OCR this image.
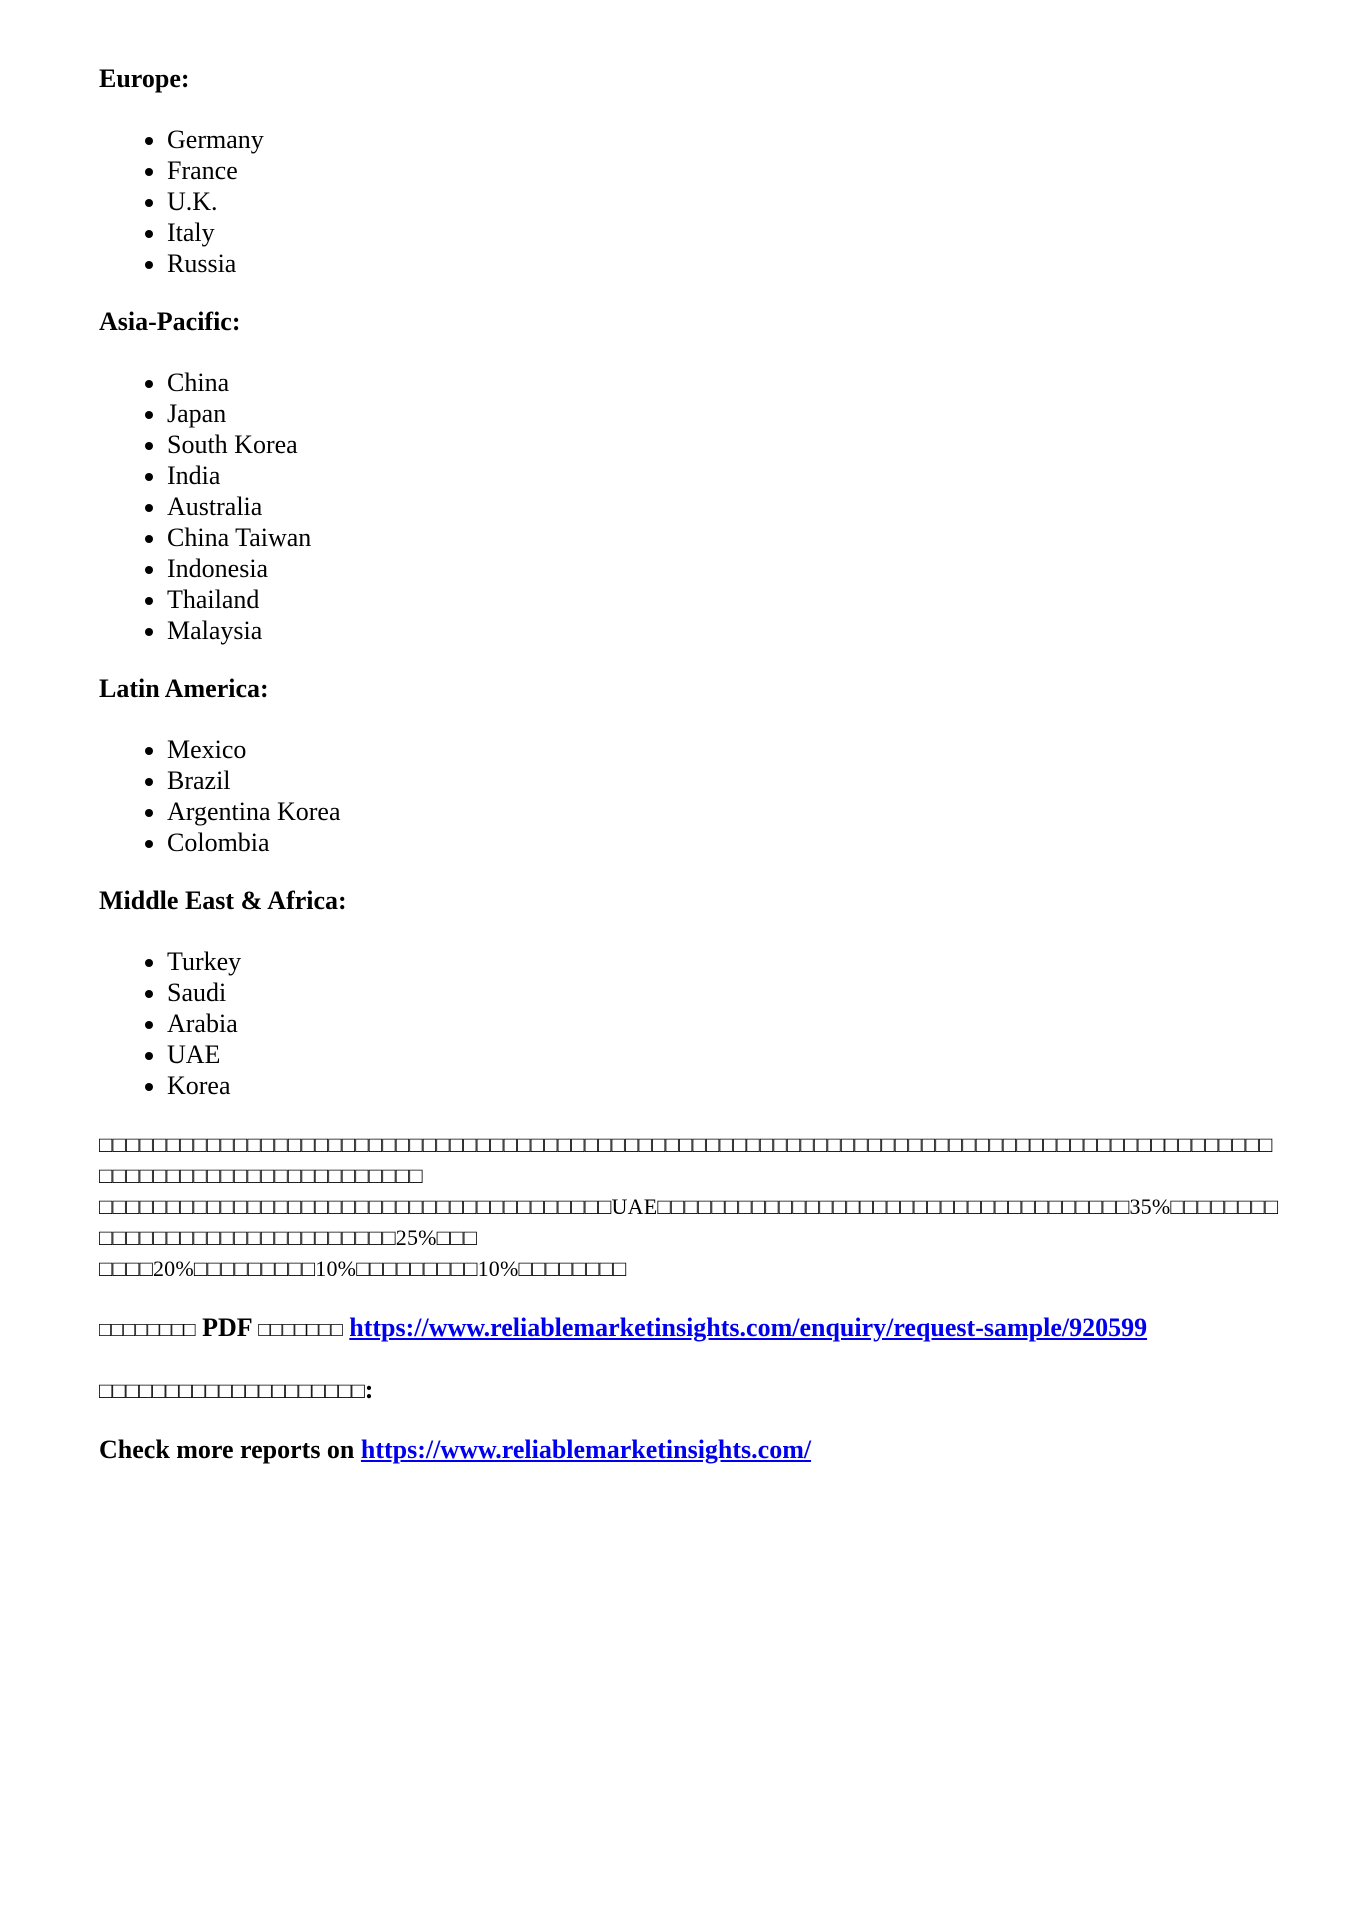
Europe:
• Germany
• France
• U.K.
• Italy
• Russia
Asia-Pacific:
• China
• Japan
• South Korea
• India
• Australia
• China Taiwan
• Indonesia
• Thailand
• Malaysia
Latin America:
• Mexico
• Brazil
• Argentina Korea
• Colombia
Middle East & Africa:
• Turkey
• Saudi
• Arabia
• UAE
• Korea
□□□□□□□□□□□□□□□□□□□□□□□□□□□□□□□□□□□□□□□□□□□□□□□□□□□□□□□□□□□□□□□□□□□□□□□□□□□□□□□□□□□□□□□□□□□□□□□□□□□□□□□□□□□□□□□
□□□□□□□□□□□□□□□□□□□□□□□□□□□□□□□□□□□□□□UAE□□□□□□□□□□□□□□□□□□□□□□□□□□□□□□□□□□□35%□□□□□□□□□□□□□□□□□□□□□□□□□□□□□□25%□□□
□□□□20%□□□□□□□□□10%□□□□□□□□□10%□□□□□□□□
□□□□□□□□ PDF □□□□□□□ https://www.reliablemarketinsights.com/enquiry/request-sample/920599
□□□□□□□□□□□□□□□□□□□□:
Check more reports on https://www.reliablemarketinsights.com/
